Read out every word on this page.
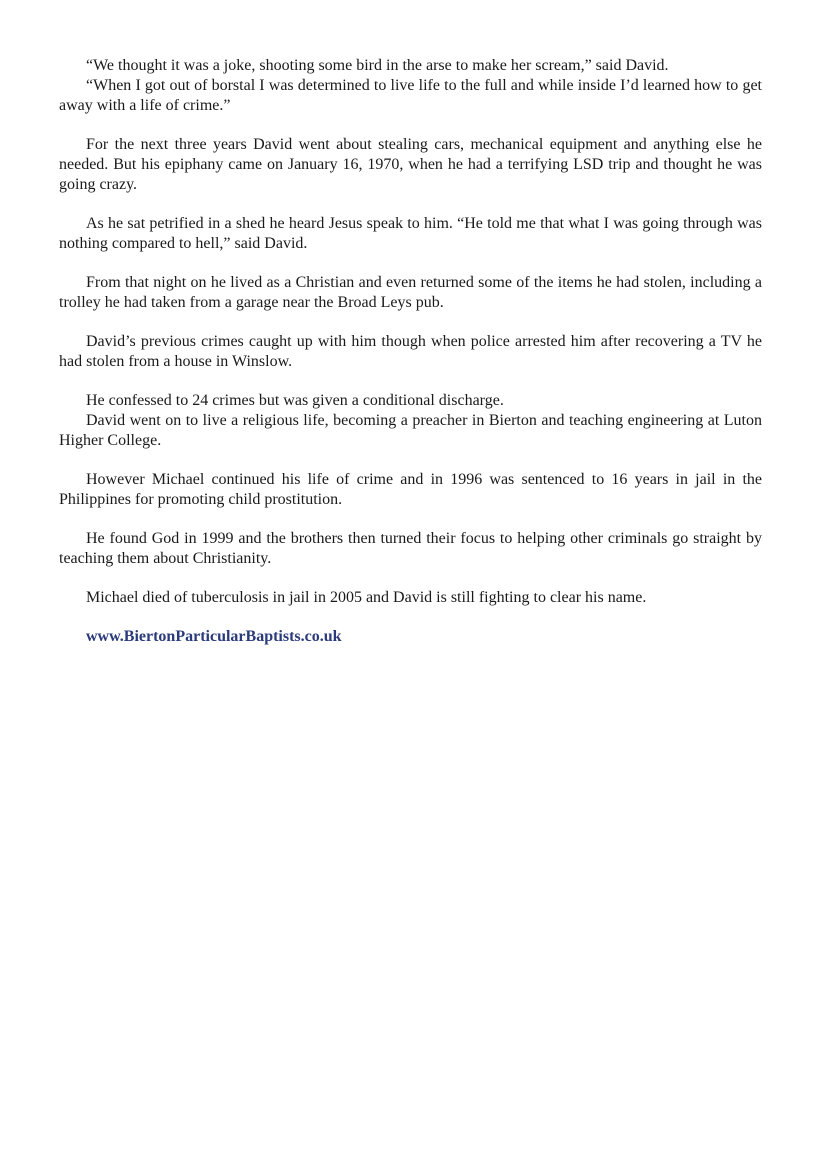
“We thought it was a joke, shooting some bird in the arse to make her scream,” said David.

“When I got out of borstal I was determined to live life to the full and while inside I’d learned how to get away with a life of crime.”

For the next three years David went about stealing cars, mechanical equipment and anything else he needed. But his epiphany came on January 16, 1970, when he had a terrifying LSD trip and thought he was going crazy.

As he sat petrified in a shed he heard Jesus speak to him. “He told me that what I was going through was nothing compared to hell,” said David.

From that night on he lived as a Christian and even returned some of the items he had stolen, including a trolley he had taken from a garage near the Broad Leys pub.

David’s previous crimes caught up with him though when police arrested him after recovering a TV he had stolen from a house in Winslow.

He confessed to 24 crimes but was given a conditional discharge.

David went on to live a religious life, becoming a preacher in Bierton and teaching engineering at Luton Higher College.

However Michael continued his life of crime and in 1996 was sentenced to 16 years in jail in the Philippines for promoting child prostitution.

He found God in 1999 and the brothers then turned their focus to helping other criminals go straight by teaching them about Christianity.

Michael died of tuberculosis in jail in 2005 and David is still fighting to clear his name.

www.BiertonParticularBaptists.co.uk
